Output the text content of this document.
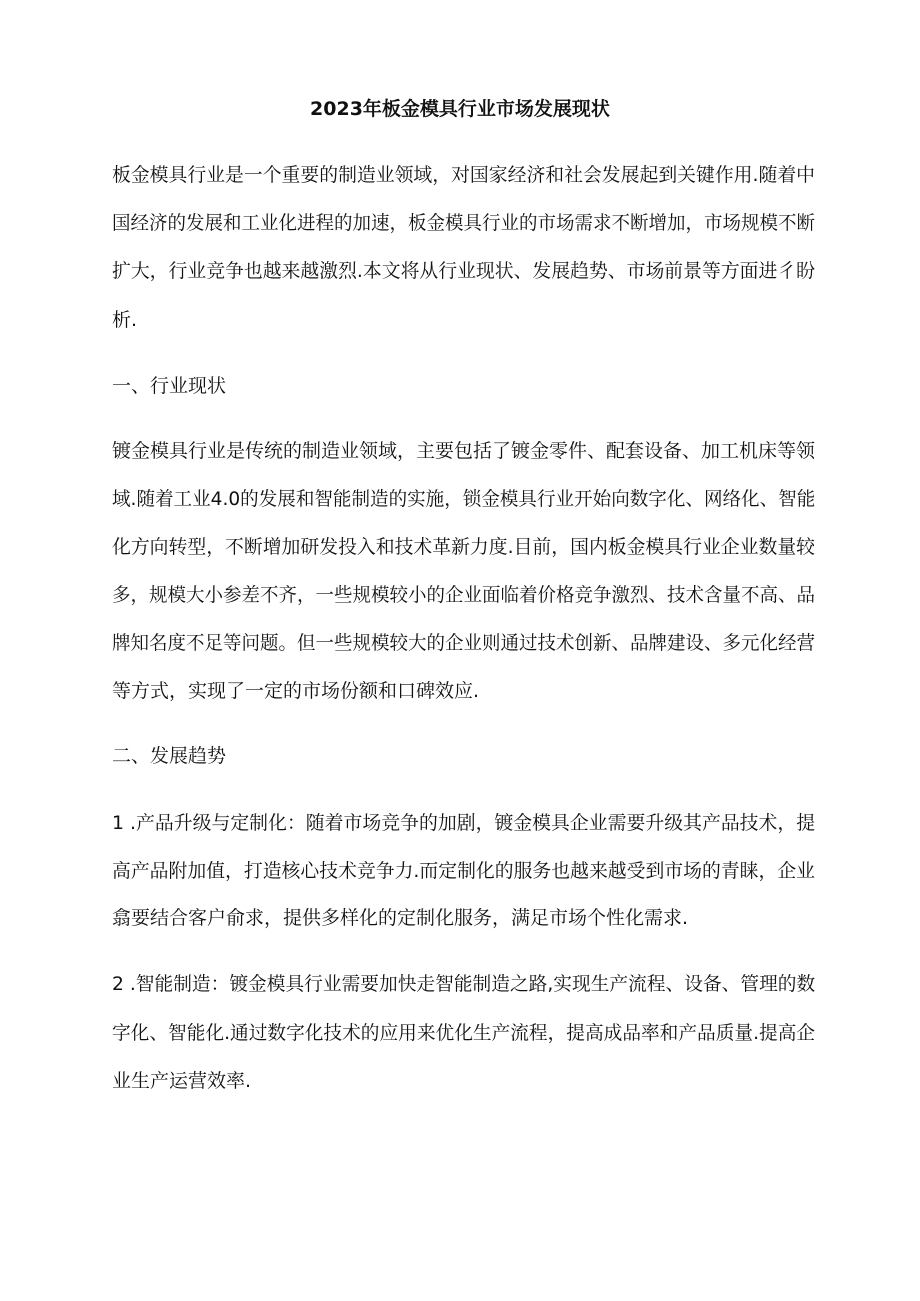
2023年板金模具行业市场发展现状
板金模具行业是一个重要的制造业领域，对国家经济和社会发展起到关键作用.随着中
国经济的发展和工业化进程的加速，板金模具行业的市场需求不断增加，市场规模不断
扩大，行业竞争也越来越激烈.本文将从行业现状、发展趋势、市场前景等方面进彳盼
析.
一、行业现状
镀金模具行业是传统的制造业领域，主要包括了镀金零件、配套设备、加工机床等领
域.随着工业4.0的发展和智能制造的实施，锁金模具行业开始向数字化、网络化、智能
化方向转型，不断增加研发投入和技术革新力度.目前，国内板金模具行业企业数量较
多，规模大小参差不齐，一些规模较小的企业面临着价格竞争激烈、技术含量不高、品
牌知名度不足等问题。但一些规模较大的企业则通过技术创新、品牌建设、多元化经营
等方式，实现了一定的市场份额和口碑效应.
二、发展趋势
1 .产品升级与定制化：随着市场竞争的加剧，镀金模具企业需要升级其产品技术，提
高产品附加值，打造核心技术竞争力.而定制化的服务也越来越受到市场的青睐，企业
翕要结合客户俞求，提供多样化的定制化服务，满足市场个性化需求.
2 .智能制造：镀金模具行业需要加快走智能制造之路,实现生产流程、设备、管理的数
字化、智能化.通过数字化技术的应用来优化生产流程，提高成品率和产品质量.提高企
业生产运营效率.
